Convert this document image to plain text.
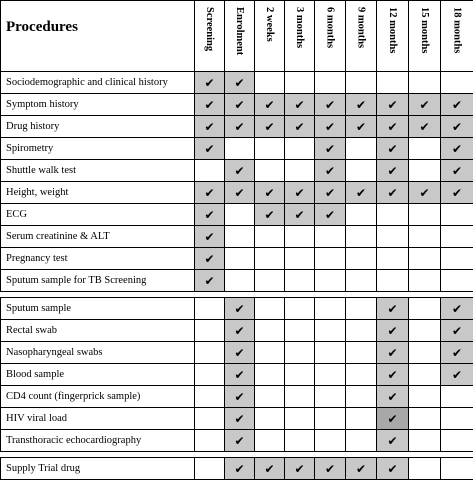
Procedures	Screening	Enrolment	2 weeks	3 months	6 months	9 months	12 months	15 months	18 months

Sociodemographic and clinical history	✔	✔							
Symptom history	✔	✔	✔	✔	✔	✔	✔	✔	✔
Drug history	✔	✔	✔	✔	✔	✔	✔	✔	✔
Spirometry	✔				✔		✔		✔
Shuttle walk test		✔			✔		✔		✔
Height, weight	✔	✔	✔	✔	✔	✔	✔	✔	✔
ECG	✔		✔	✔	✔				
Serum creatinine & ALT	✔								
Pregnancy test	✔								
Sputum sample for TB Screening	✔								

Sputum sample		✔					✔		✔
Rectal swab		✔					✔		✔
Nasopharyngeal swabs		✔					✔		✔
Blood sample		✔					✔		✔
CD4 count (fingerprick sample)		✔					✔		
HIV viral load		✔					✔		
Transthoracic echocardiography		✔					✔		

Supply Trial drug		✔	✔	✔	✔	✔	✔		
